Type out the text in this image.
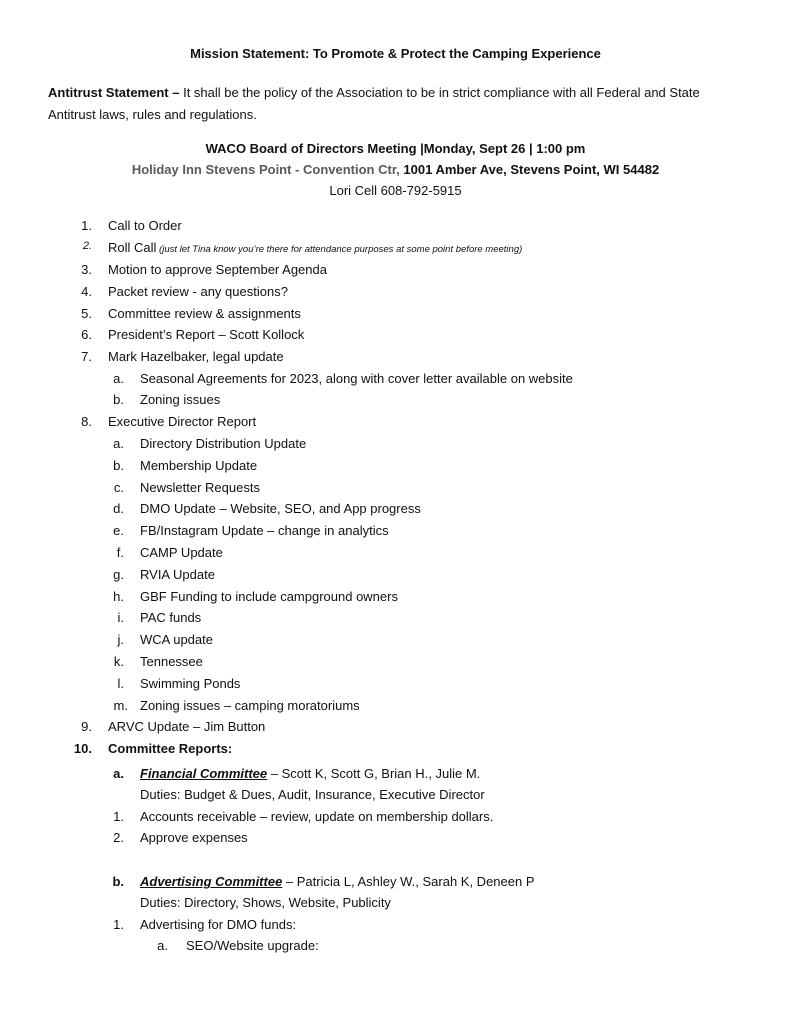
Mission Statement: To Promote & Protect the Camping Experience
Antitrust Statement – It shall be the policy of the Association to be in strict compliance with all Federal and State Antitrust laws, rules and regulations.
WACO Board of Directors Meeting |Monday, Sept 26 | 1:00 pm
Holiday Inn Stevens Point - Convention Ctr, 1001 Amber Ave, Stevens Point, WI 54482
Lori Cell 608-792-5915
1. Call to Order
2. Roll Call (just let Tina know you’re there for attendance purposes at some point before meeting)
3. Motion to approve September Agenda
4. Packet review - any questions?
5. Committee review & assignments
6. President’s Report – Scott Kollock
7. Mark Hazelbaker, legal update
a. Seasonal Agreements for 2023, along with cover letter available on website
b. Zoning issues
8. Executive Director Report
a. Directory Distribution Update
b. Membership Update
c. Newsletter Requests
d. DMO Update – Website, SEO, and App progress
e. FB/Instagram Update – change in analytics
f. CAMP Update
g. RVIA Update
h. GBF Funding to include campground owners
i. PAC funds
j. WCA update
k. Tennessee
l. Swimming Ponds
m. Zoning issues – camping moratoriums
9. ARVC Update – Jim Button
10. Committee Reports:
a. Financial Committee – Scott K, Scott G, Brian H., Julie M.
Duties: Budget & Dues, Audit, Insurance, Executive Director
1. Accounts receivable – review, update on membership dollars.
2. Approve expenses
b. Advertising Committee – Patricia L, Ashley W., Sarah K, Deneen P
Duties: Directory, Shows, Website, Publicity
1. Advertising for DMO funds:
a. SEO/Website upgrade:
